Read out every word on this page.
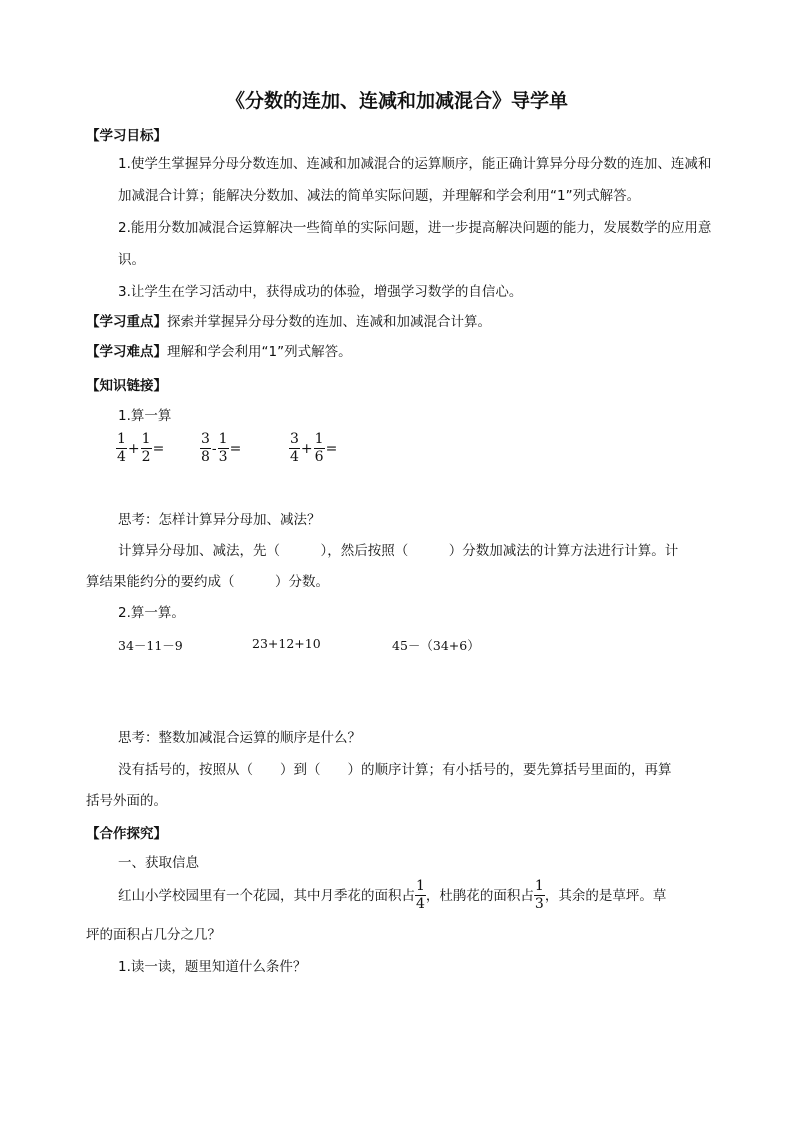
《分数的连加、连减和加减混合》导学单
【学习目标】
1.使学生掌握异分母分数连加、连减和加减混合的运算顺序，能正确计算异分母分数的连加、连减和
加减混合计算；能解决分数加、减法的简单实际问题，并理解和学会利用“1”列式解答。
2.能用分数加减混合运算解决一些简单的实际问题，进一步提高解决问题的能力，发展数学的应用意
识。
3.让学生在学习活动中，获得成功的体验，增强学习数学的自信心。
【学习重点】探索并掌握异分母分数的连加、连减和加减混合计算。
【学习难点】理解和学会利用“1”列式解答。
【知识链接】
1.算一算
$\frac{1}{4} + \frac{1}{2}$ =	$\frac{3}{8} - \frac{1}{3}$ =	$\frac{3}{4} + \frac{1}{6}$ =
思考：怎样计算异分母加、减法？
计算异分母加、减法，先（　　　），然后按照（　　　）分数加减法的计算方法进行计算。计
算结果能约分的要约成（　　　）分数。
2.算一算。
34－11－9	23+12+10	45－（34+6）
思考：整数加减混合运算的顺序是什么？
没有括号的，按照从（　　）到（　　）的顺序计算；有小括号的，要先算括号里面的，再算
括号外面的。
【合作探究】
一、获取信息
红山小学校园里有一个花园，其中月季花的面积占 $\frac{1}{4}$ ，杜鹃花的面积占 $\frac{1}{3}$ ，其余的是草坪。草
坪的面积占几分之几？
1.读一读，题里知道什么条件？
